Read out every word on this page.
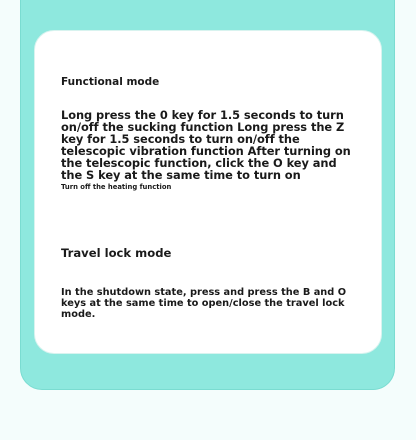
Functional mode

Long press the 0 key for 1.5 seconds to turn on/off the sucking function Long press the Z key for 1.5 seconds to turn on/off the telescopic vibration function After turning on the telescopic function, click the O key and the S key at the same time to turn on

Turn off the heating function

Travel lock mode

In the shutdown state, press and press the B and O keys at the same time to open/close the travel lock mode.
